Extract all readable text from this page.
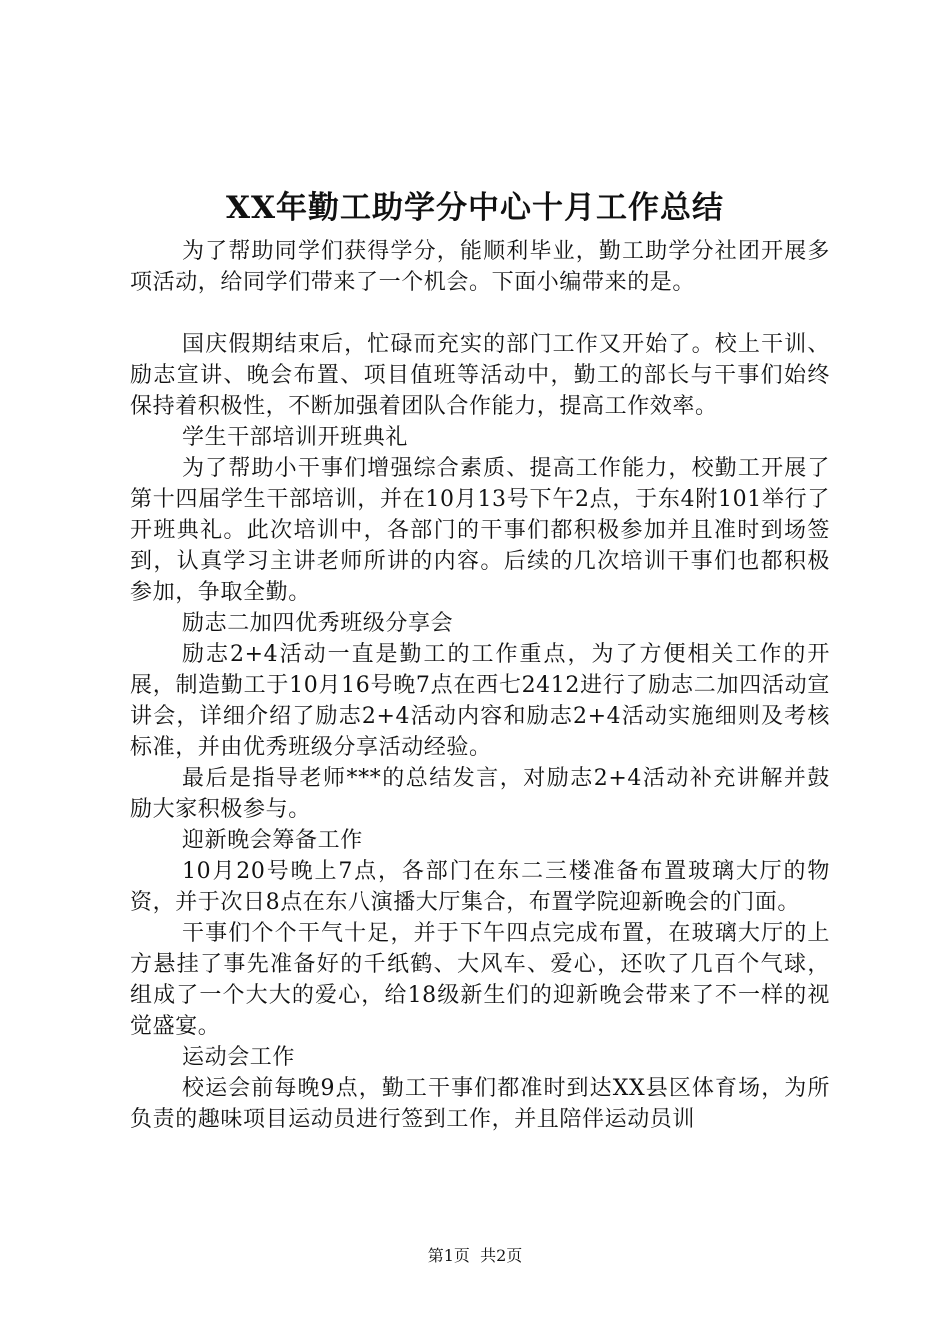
XX年勤工助学分中心十月工作总结

为了帮助同学们获得学分，能顺利毕业，勤工助学分社团开展多项活动，给同学们带来了一个机会。下面小编带来的是。

国庆假期结束后，忙碌而充实的部门工作又开始了。校上干训、励志宣讲、晚会布置、项目值班等活动中，勤工的部长与干事们始终保持着积极性，不断加强着团队合作能力，提高工作效率。

学生干部培训开班典礼

为了帮助小干事们增强综合素质、提高工作能力，校勤工开展了第十四届学生干部培训，并在10月13号下午2点，于东4附101举行了开班典礼。此次培训中，各部门的干事们都积极参加并且准时到场签到，认真学习主讲老师所讲的内容。后续的几次培训干事们也都积极参加，争取全勤。

励志二加四优秀班级分享会

励志2+4活动一直是勤工的工作重点，为了方便相关工作的开展，制造勤工于10月16号晚7点在西七2412进行了励志二加四活动宣讲会，详细介绍了励志2+4活动内容和励志2+4活动实施细则及考核标准，并由优秀班级分享活动经验。

最后是指导老师***的总结发言，对励志2+4活动补充讲解并鼓励大家积极参与。

迎新晚会筹备工作

10月20号晚上7点，各部门在东二三楼准备布置玻璃大厅的物资，并于次日8点在东八演播大厅集合，布置学院迎新晚会的门面。

干事们个个干气十足，并于下午四点完成布置，在玻璃大厅的上方悬挂了事先准备好的千纸鹤、大风车、爱心，还吹了几百个气球，组成了一个大大的爱心，给18级新生们的迎新晚会带来了不一样的视觉盛宴。

运动会工作

校运会前每晚9点，勤工干事们都准时到达XX县区体育场，为所负责的趣味项目运动员进行签到工作，并且陪伴运动员训

第1页  共2页
